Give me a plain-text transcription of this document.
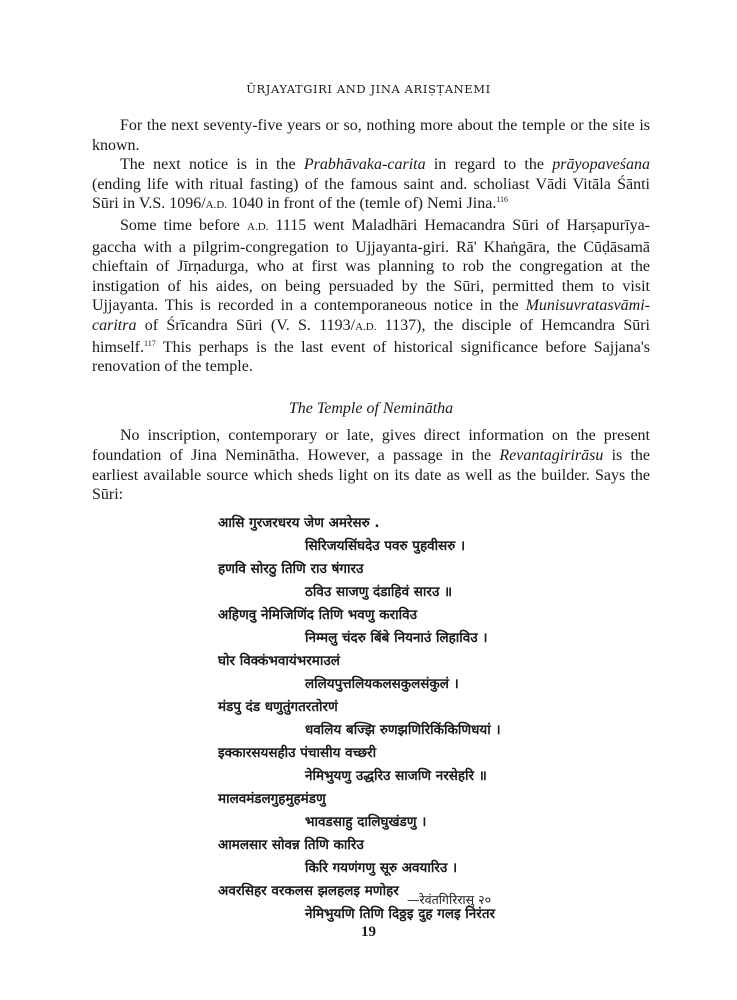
ŪRJAYATGIRI AND JINA ARIṢṬANEMI

For the next seventy-five years or so, nothing more about the temple or the site is known.

The next notice is in the Prabhāvaka-carita in regard to the prāyopaveśana (ending life with ritual fasting) of the famous saint and. scholiast Vādi Vitāla Śānti Sūri in V.S. 1096/A.D. 1040 in front of the (temle of) Nemi Jina.$^{116}$

Some time before A.D. 1115 went Maladhāri Hemacandra Sūri of Harṣapurīya-gaccha with a pilgrim-congregation to Ujjayanta-giri. Rā' Khaṅgāra, the Cūḍāsamā chieftain of Jīrṇadurga, who at first was planning to rob the congregation at the instigation of his aides, on being persuaded by the Sūri, permitted them to visit Ujjayanta. This is recorded in a contemporaneous notice in the Munisuvratasvāmi-caritra of Śrīcandra Sūri (V. S. 1193/A.D. 1137), the disciple of Hemcandra Sūri himself.$^{117}$ This perhaps is the last event of historical significance before Sajjana's renovation of the temple.

The Temple of Nemināthа

No inscription, contemporary or late, gives direct information on the present foundation of Jina Neminātha. However, a passage in the Revantagirirāsu is the earliest available source which sheds light on its date as well as the builder. Says the Sūri:

आसि गुरजरधरय जेण अमरेसरु .
सिरिजयसिंघदेउ पवरु पुहवीसरु ।
हणवि सोरठु तिणि राउ षंगारउ
ठविउ साजणु दंडाहिवं सारउ ॥
अहिणवु नेमिजिणिंद तिणि भवणु कराविउ
निम्मलु चंदरु बिंबे नियनाउं लिहाविउ ।
घोर विक्कंभवायंभरमाउलं
ललियपुत्तलियकलसकुलसंकुलं ।
मंडपु दंड धणुतुंगतरतोरणं
धवलिय बज्झि रुणझणिरिकिंकिणिधयां ।
इक्कारसयसहीउ पंचासीय वच्छरी
नेमिभुयणु उद्धरिउ साजणि नरसेहरि ॥
मालवमंडलगुहमुहमंडणु
भावडसाहु दालिघुखंडणु ।
आमलसार सोवन्न तिणि कारिउ
किरि गयणंगणु सूरु अवयारिउ ।
अवरसिहर वरकलस झलहलइ मणोहर
नेमिभुयणि तिणि दिठ्ठइ दुह गलइ निरंतर
—रेवंतगिरिरासु २०
19
